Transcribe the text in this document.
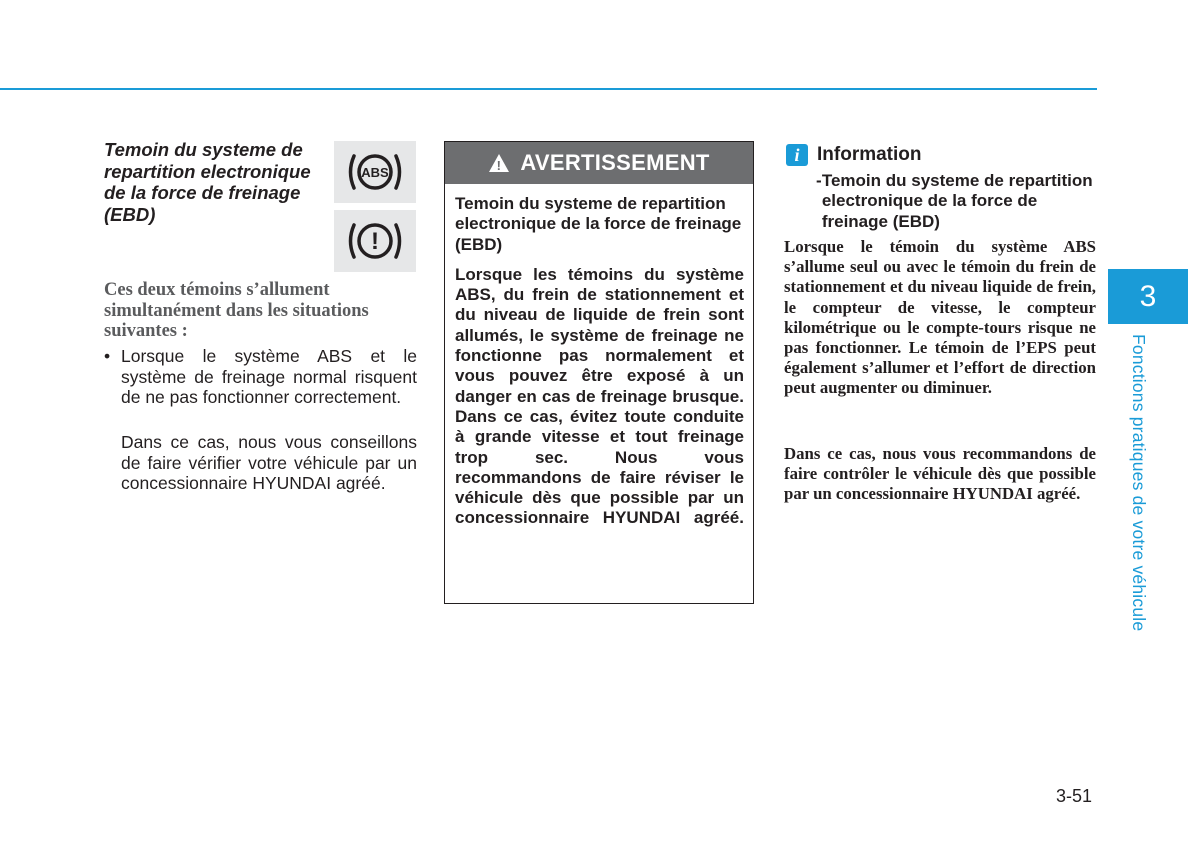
Temoin du systeme de repartition electronique de la force de freinage (EBD)
ABS
!

Ces deux témoins s’allument simultanément dans les situations suivantes :

• Lorsque le système ABS et le système de freinage normal risquent de ne pas fonctionner correctement.

Dans ce cas, nous vous conseillons de faire vérifier votre véhicule par un concessionnaire HYUNDAI agréé.

! AVERTISSEMENT

Temoin du systeme de repartition electronique de la force de freinage (EBD)

Lorsque les témoins du système ABS, du frein de stationnement et du niveau de liquide de frein sont allumés, le système de freinage ne fonctionne pas normalement et vous pouvez être exposé à un danger en cas de freinage brusque. Dans ce cas, évitez toute conduite à grande vitesse et tout freinage trop sec. Nous vous recommandons de faire réviser le véhicule dès que possible par un concessionnaire HYUNDAI agréé.

i Information
- Temoin du systeme de repartition electronique de la force de freinage (EBD)

Lorsque le témoin du système ABS s’allume seul ou avec le témoin du frein de stationnement et du niveau liquide de frein, le compteur de vitesse, le compteur kilométrique ou le compte-tours risque ne pas fonctionner. Le témoin de l’EPS peut également s’allumer et l’effort de direction peut augmenter ou diminuer.

Dans ce cas, nous vous recommandons de faire contrôler le véhicule dès que possible par un concessionnaire HYUNDAI agréé.

3
Fonctions pratiques de votre véhicule
3-51
